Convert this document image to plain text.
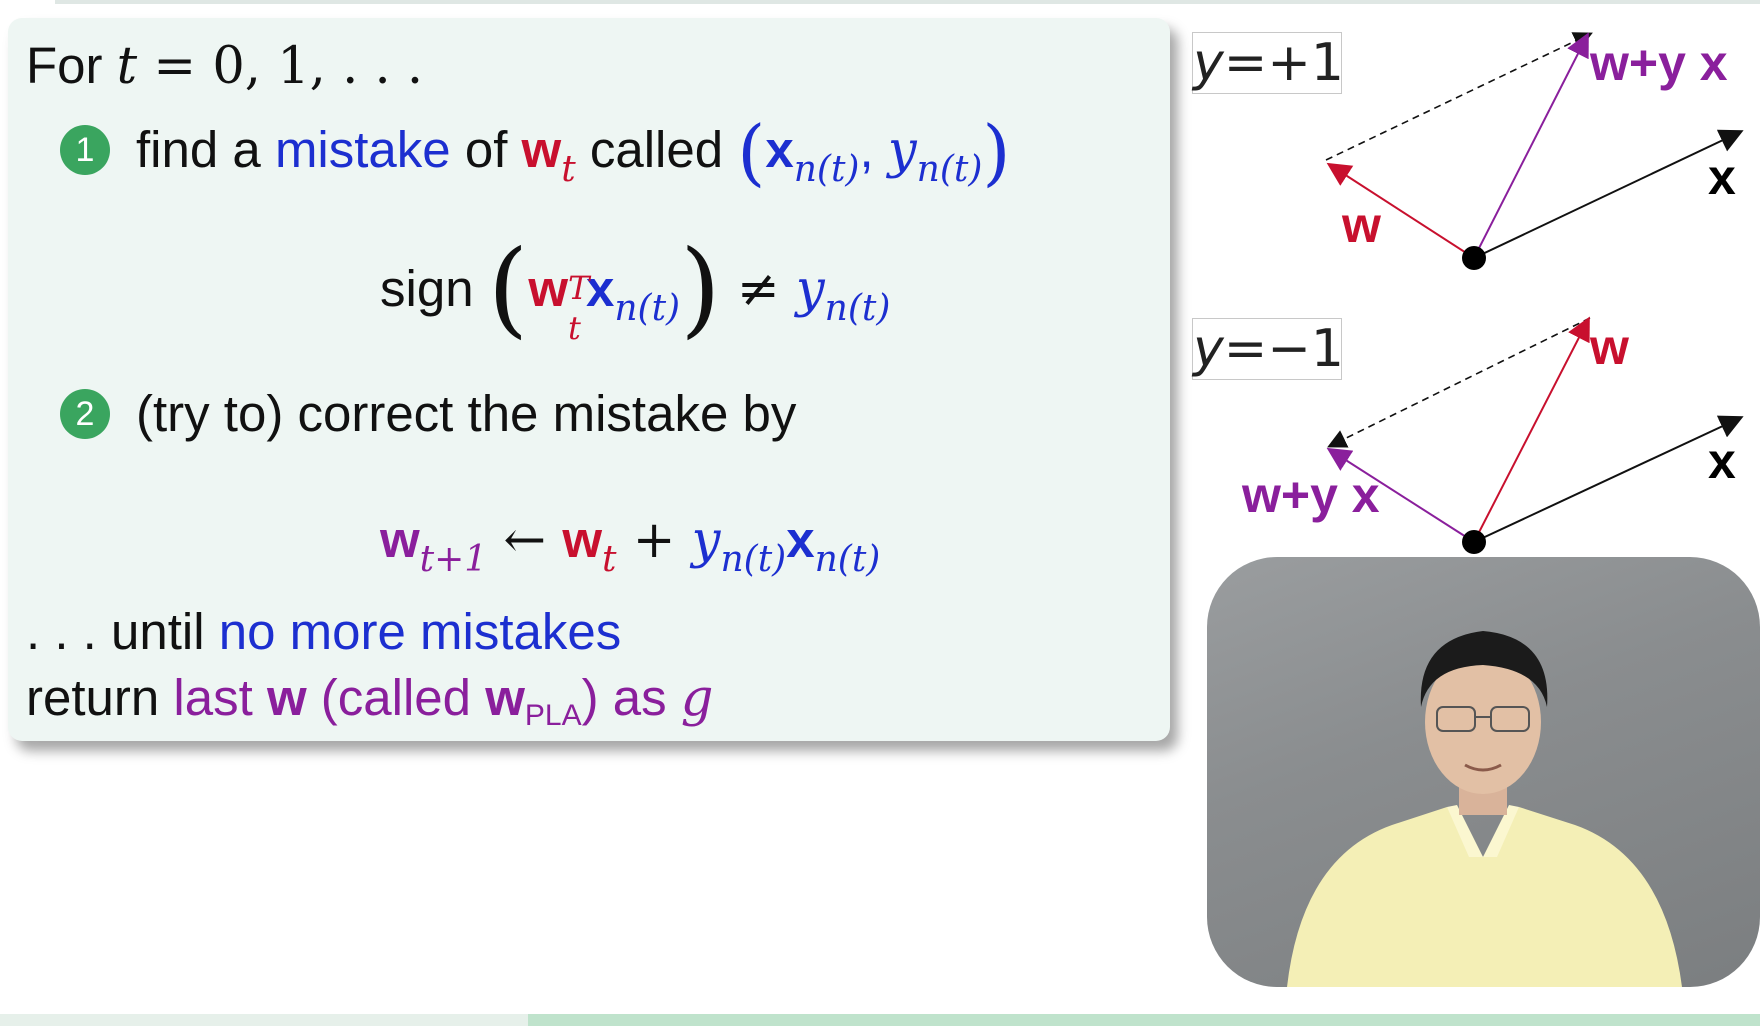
For t = 0, 1, . . .
1 find a mistake of $w_t$ called ($x_{n(t)}$, $y_{n(t)}$)
sign (w T
t
$x_{n(t)}) \ne y_{n(t)}$
2 (try to) correct the mistake by
$w_{t+1}$ ← $w_t + y_{n(t)}x_{n(t)}$
. . . until no more mistakes
return last w (called wPLA) as g
y=+1
w
x
w+y x
y=−1	w
x
w+y x
